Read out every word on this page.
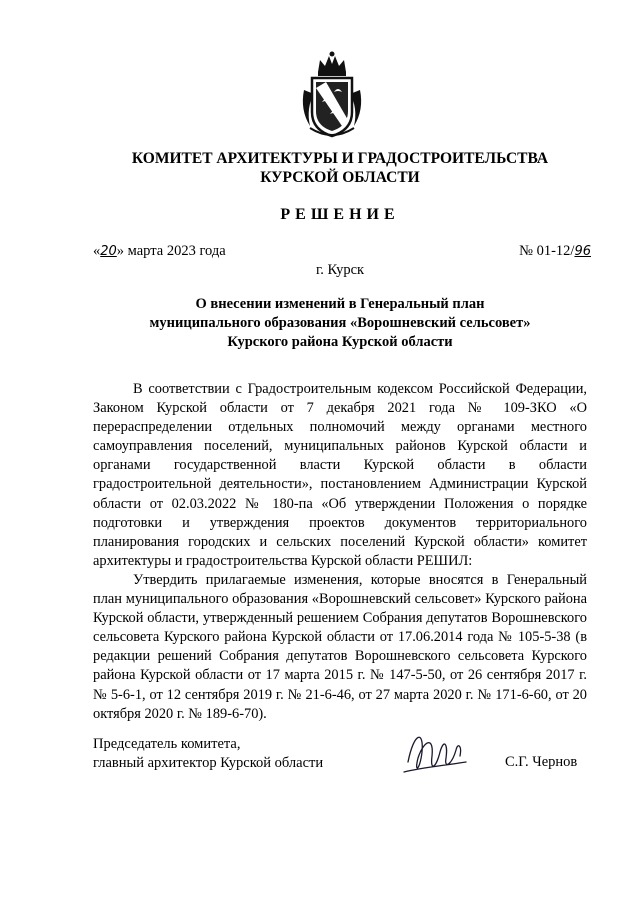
КОМИТЕТ АРХИТЕКТУРЫ И ГРАДОСТРОИТЕЛЬСТВА
КУРСКОЙ ОБЛАСТИ
РЕШЕНИЕ
«20» марта 2023 года	№ 01-12/96
г. Курск
О внесении изменений в Генеральный план
муниципального образования «Ворошневский сельсовет»
Курского района Курской области

В соответствии с Градостроительным кодексом Российской Федерации, Законом Курской области от 7 декабря 2021 года № 109-ЗКО «О перераспределении отдельных полномочий между органами местного самоуправления поселений, муниципальных районов Курской области и органами государственной власти Курской области в области градостроительной деятельности», постановлением Администрации Курской области от 02.03.2022 № 180-па «Об утверждении Положения о порядке подготовки и утверждения проектов документов территориального планирования городских и сельских поселений Курской области» комитет архитектуры и градостроительства Курской области РЕШИЛ:

Утвердить прилагаемые изменения, которые вносятся в Генеральный план муниципального образования «Ворошневский сельсовет» Курского района Курской области, утвержденный решением Собрания депутатов Ворошневского сельсовета Курского района Курской области от 17.06.2014 года № 105-5-38 (в редакции решений Собрания депутатов Ворошневского сельсовета Курского района Курской области от 17 марта 2015 г. № 147-5-50, от 26 сентября 2017 г. № 5-6-1, от 12 сентября 2019 г. № 21-6-46, от 27 марта 2020 г. № 171-6-60, от 20 октября 2020 г. № 189-6-70).

Председатель комитета,
главный архитектор Курской области	С.Г. Чернов
